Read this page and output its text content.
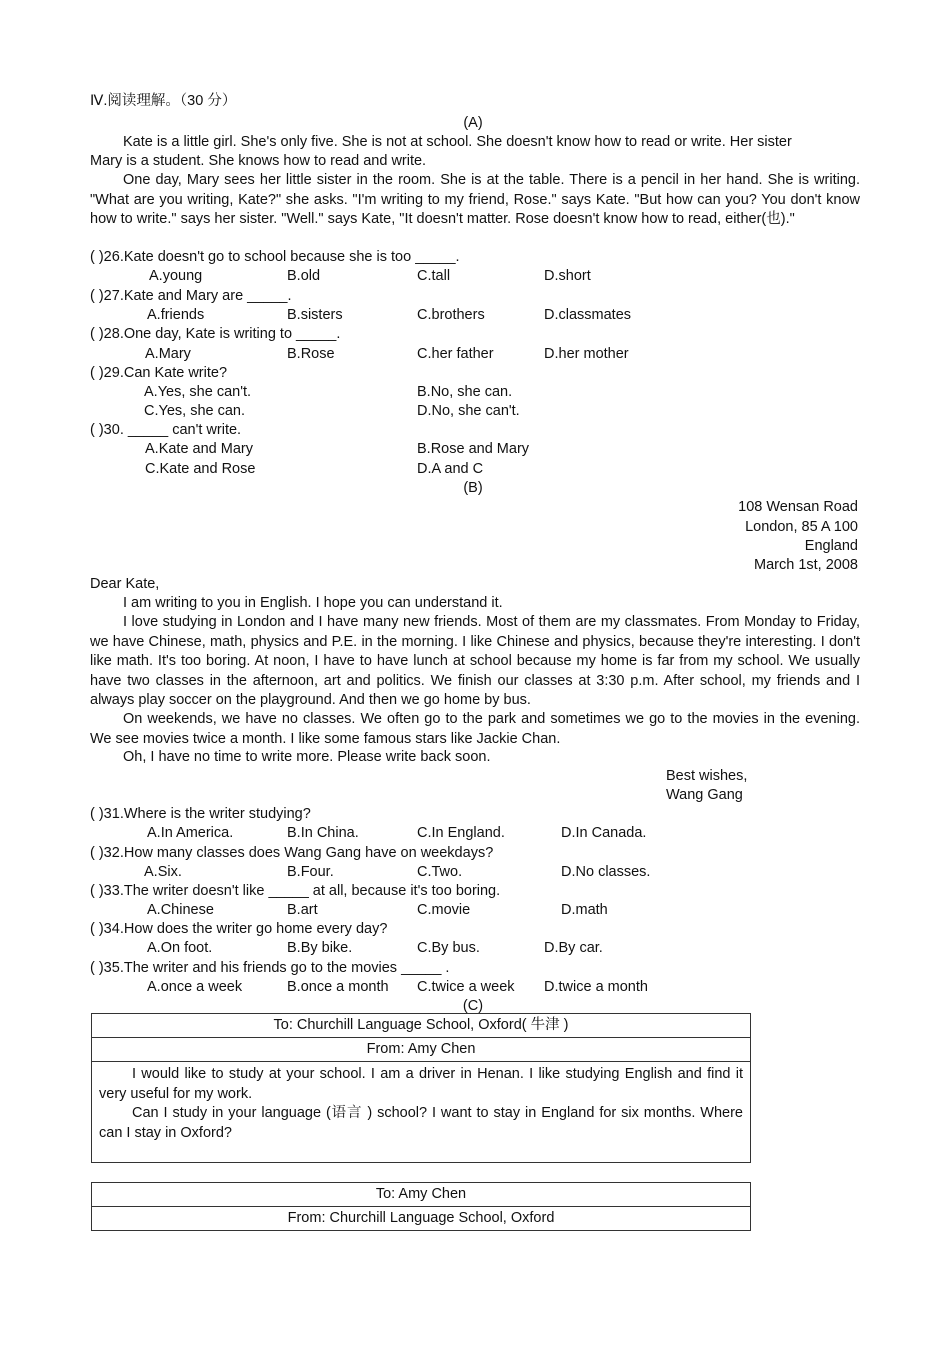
Ⅳ.阅读理解。（30 分）
(A)
Kate is a little girl. She's only five. She is not at school. She doesn't know how to read or write. Her sister
Mary is a student. She knows how to read and write.
One day, Mary sees her little sister in the room. She is at the table. There is a pencil in her hand. She is writing. "What are you writing, Kate?" she asks. "I'm writing to my friend, Rose." says Kate. "But how can you? You don't know how to write." says her sister. "Well." says Kate, "It doesn't matter. Rose doesn't know how to read, either(也)."
( )26.Kate doesn't go to school because she is too _____.
A.young	B.old	C.tall	D.short
( )27.Kate and Mary are _____.
A.friends	B.sisters	C.brothers	D.classmates
( )28.One day, Kate is writing to _____.
A.Mary	B.Rose	C.her father	D.her mother
( )29.Can Kate write?
A.Yes, she can't.	B.No, she can.
C.Yes, she can.	D.No, she can't.
( )30. _____ can't write.
A.Kate and Mary	B.Rose and Mary
C.Kate and Rose	D.A and C
(B)
108 Wensan Road
London, 85 A 100
England
March 1st, 2008
Dear Kate,
I am writing to you in English. I hope you can understand it.
I love studying in London and I have many new friends. Most of them are my classmates. From Monday to Friday, we have Chinese, math, physics and P.E. in the morning. I like Chinese and physics, because they're interesting. I don't like math. It's too boring. At noon, I have to have lunch at school because my home is far from my school. We usually have two classes in the afternoon, art and politics. We finish our classes at 3:30 p.m. After school, my friends and I always play soccer on the playground. And then we go home by bus.
On weekends, we have no classes. We often go to the park and sometimes we go to the movies in the evening. We see movies twice a month. I like some famous stars like Jackie Chan.
Oh, I have no time to write more. Please write back soon.
Best wishes,
Wang Gang
( )31.Where is the writer studying?
A.In America.	B.In China.	C.In England.	D.In Canada.
( )32.How many classes does Wang Gang have on weekdays?
A.Six.	B.Four.	C.Two.	D.No classes.
( )33.The writer doesn't like _____ at all, because it's too boring.
A.Chinese	B.art	C.movie	D.math
( )34.How does the writer go home every day?
A.On foot.	B.By bike.	C.By bus.	D.By car.
( )35.The writer and his friends go to the movies _____ .
A.once a week	B.once a month C.twice a week D.twice a month
(C)
To: Churchill Language School, Oxford( 牛津 )
From: Amy Chen
I would like to study at your school. I am a driver in Henan. I like studying English and find it very useful for my work.
Can I study in your language (语言 ) school? I want to stay in England for six months. Where can I stay in Oxford?
To: Amy Chen
From: Churchill Language School, Oxford
